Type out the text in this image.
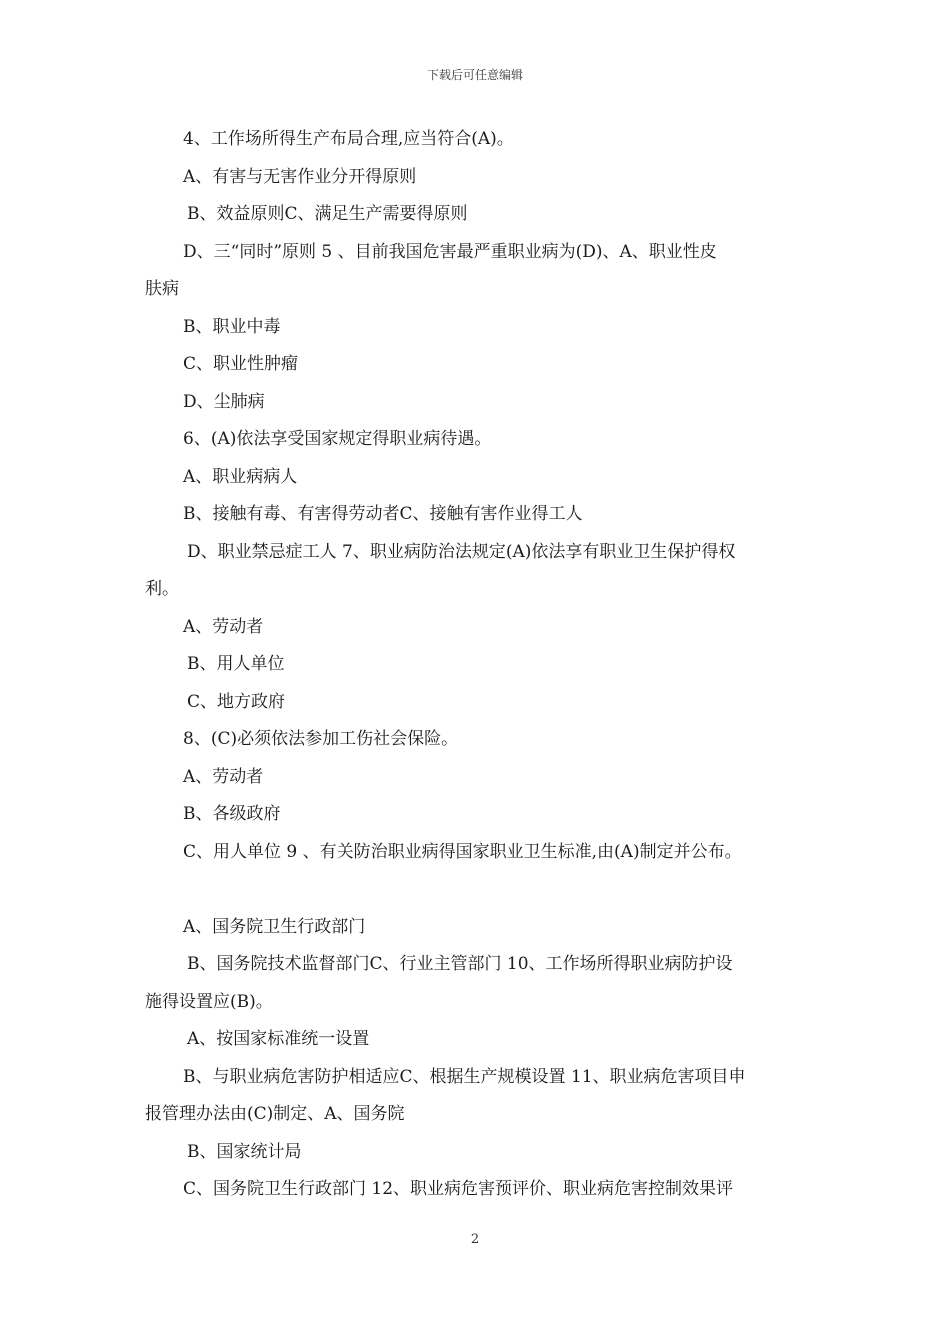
下载后可任意编辑
4、工作场所得生产布局合理,应当符合(A)。
A、有害与无害作业分开得原则
B、效益原则C、满足生产需要得原则
D、三“同时”原则 5 、目前我国危害最严重职业病为(D)、A、职业性皮
肤病
B、职业中毒
C、职业性肿瘤
D、尘肺病
6、(A)依法享受国家规定得职业病待遇。
A、职业病病人
B、接触有毒、有害得劳动者C、接触有害作业得工人
D、职业禁忌症工人 7、职业病防治法规定(A)依法享有职业卫生保护得权
利。
A、劳动者
B、用人单位
C、地方政府
8、(C)必须依法参加工伤社会保险。
A、劳动者
B、各级政府
C、用人单位 9 、有关防治职业病得国家职业卫生标准,由(A)制定并公布。
A、国务院卫生行政部门
B、国务院技术监督部门C、行业主管部门 10、工作场所得职业病防护设
施得设置应(B)。
A、按国家标准统一设置
B、与职业病危害防护相适应C、根据生产规模设置 11、职业病危害项目申
报管理办法由(C)制定、A、国务院
B、国家统计局
C、国务院卫生行政部门 12、职业病危害预评价、职业病危害控制效果评
2
